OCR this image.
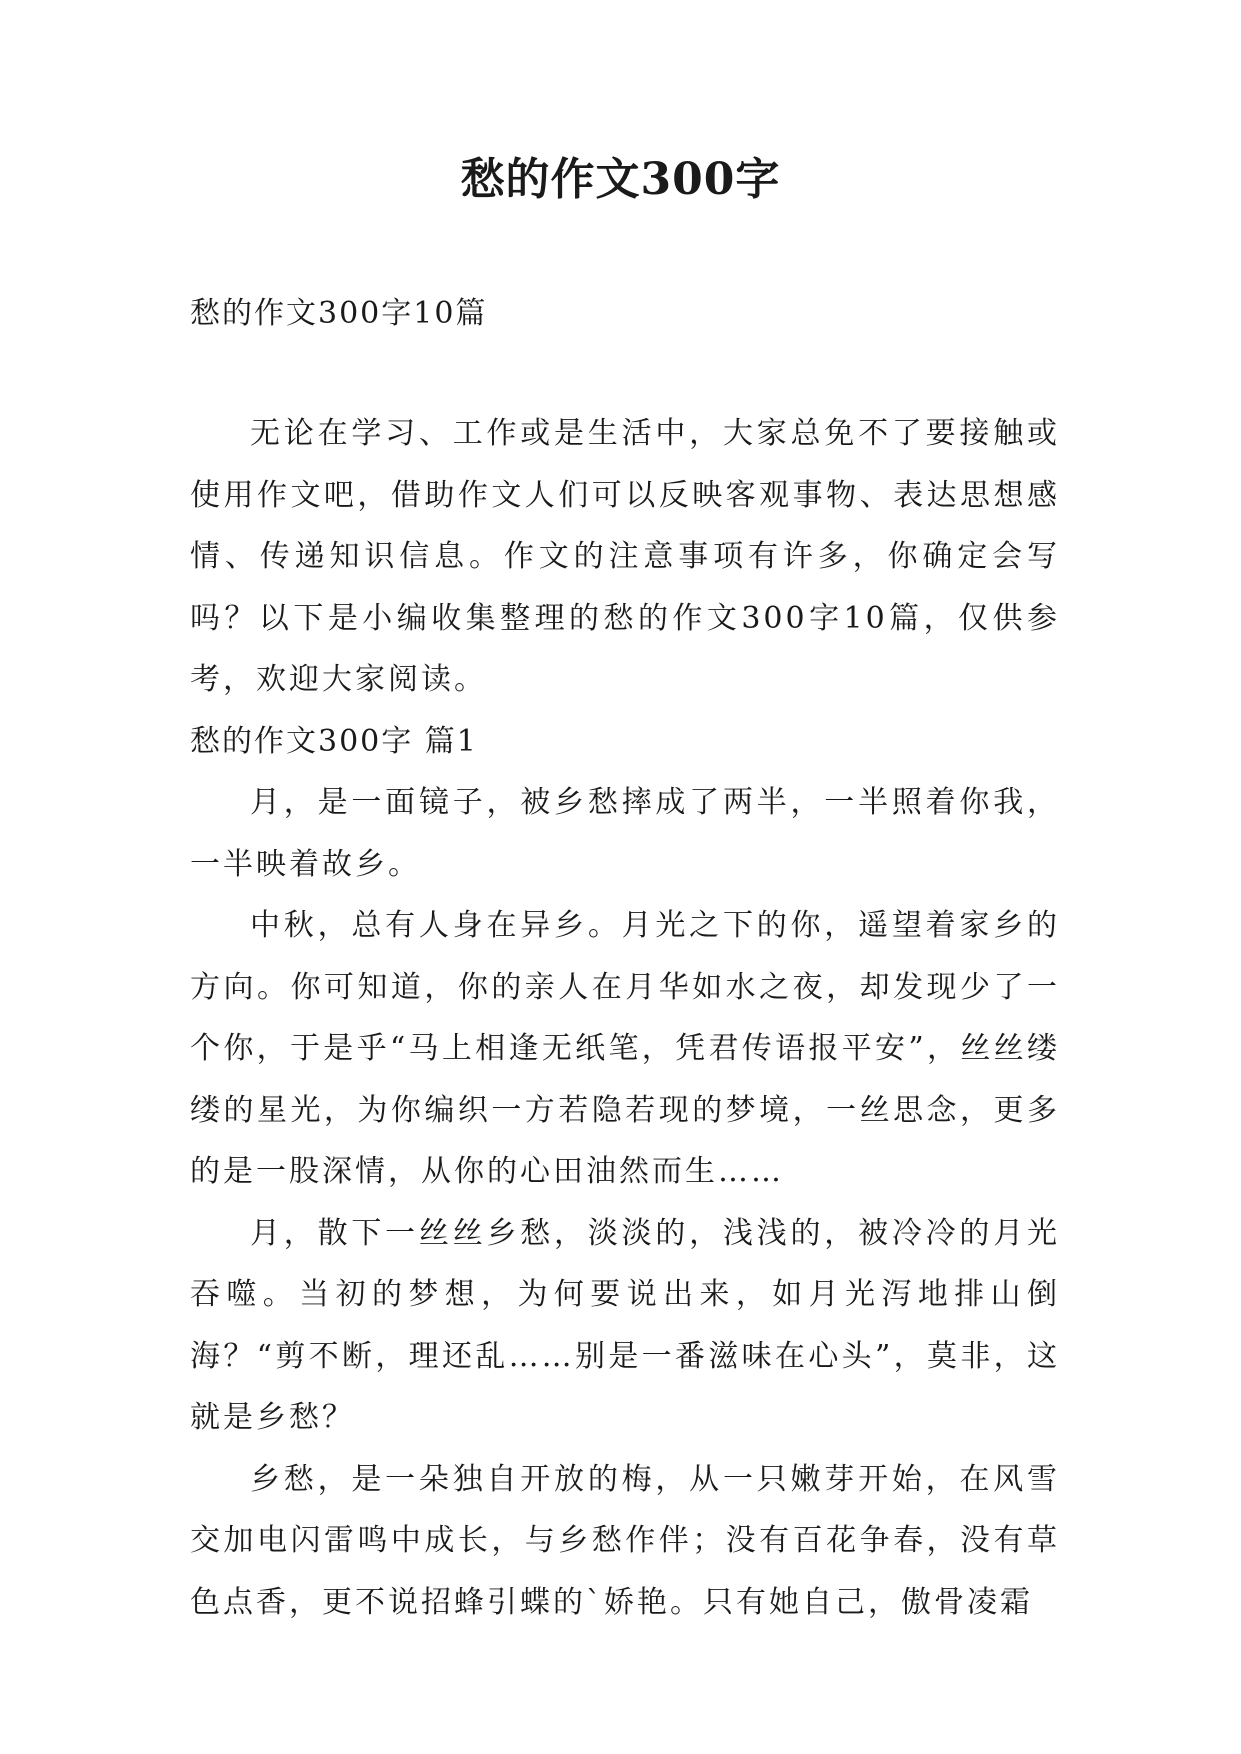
愁的作文300字
愁的作文300字10篇

无论在学习、工作或是生活中，大家总免不了要接触或使用作文吧，借助作文人们可以反映客观事物、表达思想感情、传递知识信息。作文的注意事项有许多，你确定会写吗？以下是小编收集整理的愁的作文300字10篇，仅供参考，欢迎大家阅读。

愁的作文300字 篇1

月，是一面镜子，被乡愁摔成了两半，一半照着你我，一半映着故乡。

中秋，总有人身在异乡。月光之下的你，遥望着家乡的方向。你可知道，你的亲人在月华如水之夜，却发现少了一个你，于是乎“马上相逢无纸笔，凭君传语报平安”，丝丝缕缕的星光，为你编织一方若隐若现的梦境，一丝思念，更多的是一股深情，从你的心田油然而生……

月，散下一丝丝乡愁，淡淡的，浅浅的，被冷冷的月光吞噬。当初的梦想，为何要说出来，如月光泻地排山倒海？“剪不断，理还乱……别是一番滋味在心头”，莫非，这就是乡愁？

乡愁，是一朵独自开放的梅，从一只嫩芽开始，在风雪交加电闪雷鸣中成长，与乡愁作伴；没有百花争春，没有草色点香，更不说招蜂引蝶的`娇艳。只有她自己，傲骨凌霜
